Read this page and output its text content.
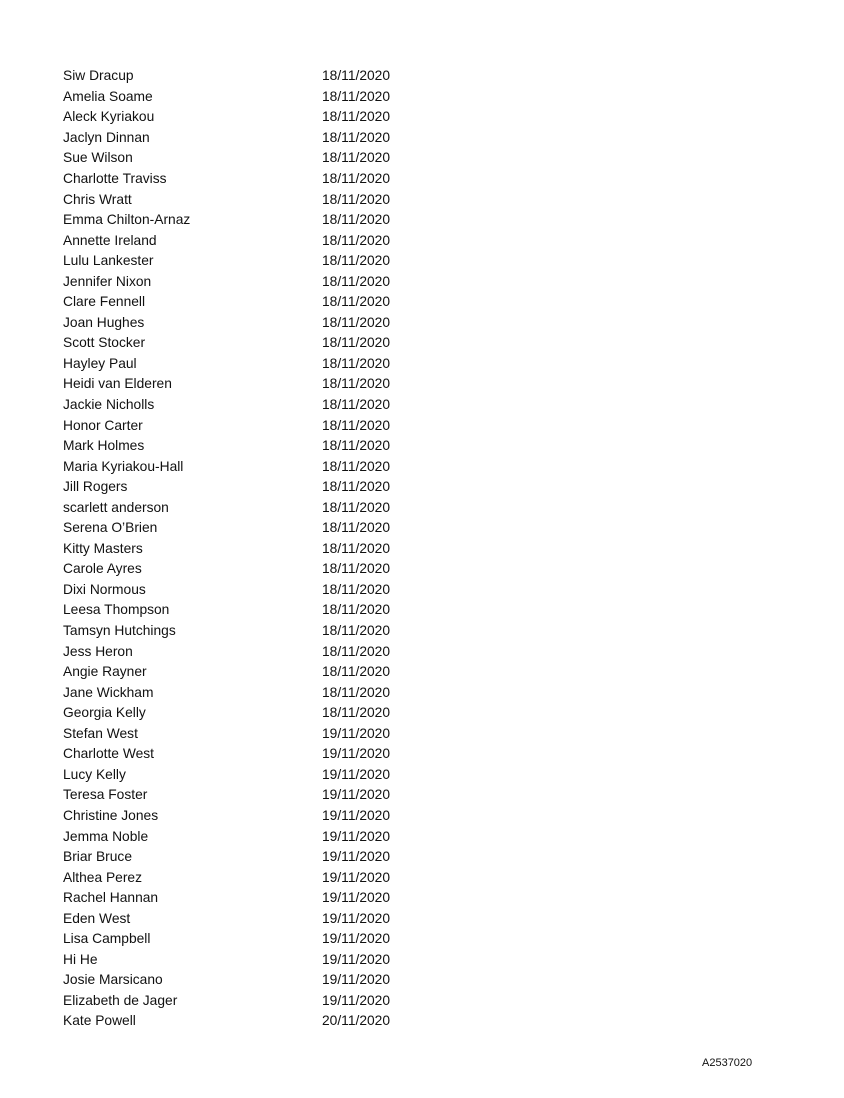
Siw Dracup	18/11/2020
Amelia Soame	18/11/2020
Aleck Kyriakou	18/11/2020
Jaclyn Dinnan	18/11/2020
Sue Wilson	18/11/2020
Charlotte Traviss	18/11/2020
Chris Wratt	18/11/2020
Emma Chilton-Arnaz	18/11/2020
Annette Ireland	18/11/2020
Lulu Lankester	18/11/2020
Jennifer Nixon	18/11/2020
Clare Fennell	18/11/2020
Joan Hughes	18/11/2020
Scott Stocker	18/11/2020
Hayley Paul	18/11/2020
Heidi van Elderen	18/11/2020
Jackie Nicholls	18/11/2020
Honor Carter	18/11/2020
Mark Holmes	18/11/2020
Maria Kyriakou-Hall	18/11/2020
Jill Rogers	18/11/2020
scarlett anderson	18/11/2020
Serena O’Brien	18/11/2020
Kitty Masters	18/11/2020
Carole Ayres	18/11/2020
Dixi Normous	18/11/2020
Leesa Thompson	18/11/2020
Tamsyn Hutchings	18/11/2020
Jess Heron	18/11/2020
Angie Rayner	18/11/2020
Jane Wickham	18/11/2020
Georgia Kelly	18/11/2020
Stefan West	19/11/2020
Charlotte West	19/11/2020
Lucy Kelly	19/11/2020
Teresa Foster	19/11/2020
Christine Jones	19/11/2020
Jemma Noble	19/11/2020
Briar Bruce	19/11/2020
Althea Perez	19/11/2020
Rachel Hannan	19/11/2020
Eden West	19/11/2020
Lisa Campbell	19/11/2020
Hi He	19/11/2020
Josie Marsicano	19/11/2020
Elizabeth de Jager	19/11/2020
Kate Powell	20/11/2020
A2537020
